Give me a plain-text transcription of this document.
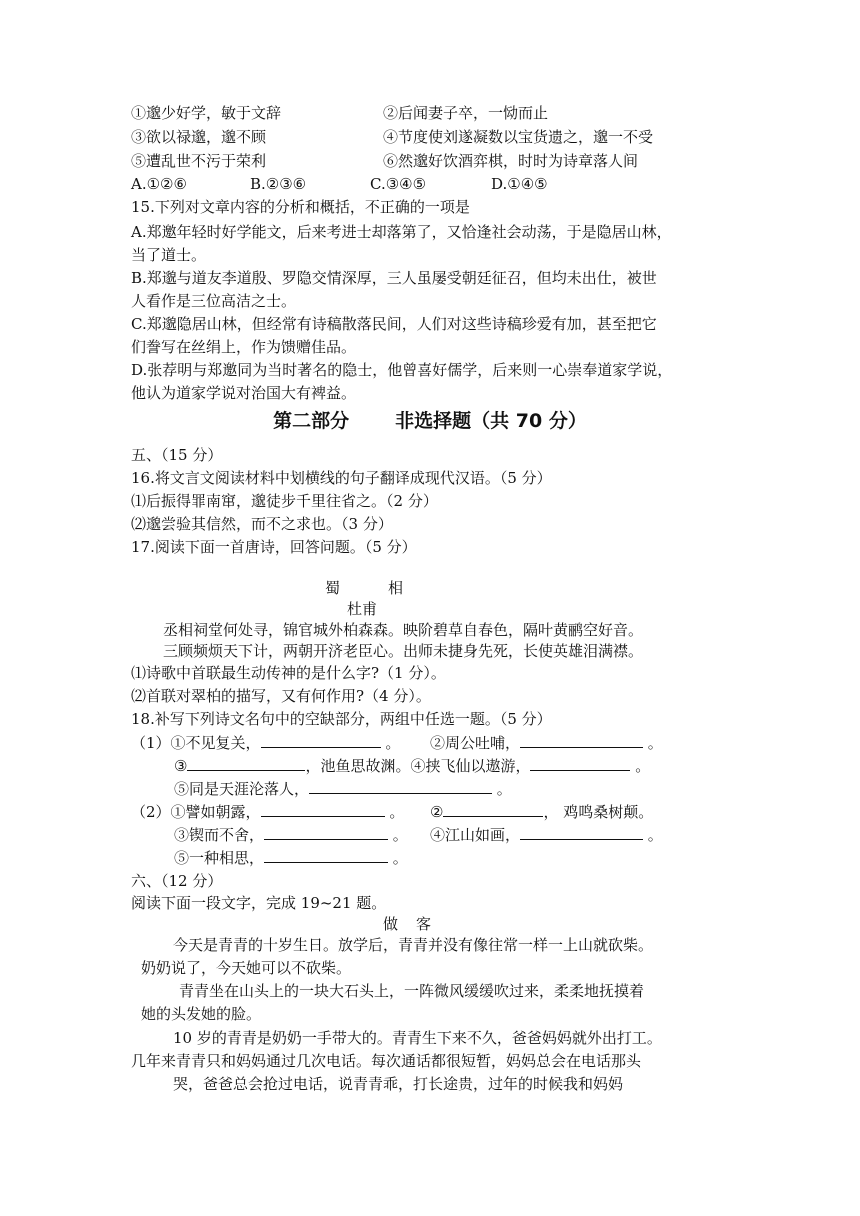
①邈少好学，敏于文辞	②后闻妻子卒，一恸而止
③欲以禄邈，邈不顾	④节度使刘遂凝数以宝货遗之，邈一不受
⑤遭乱世不污于荣利	⑥然邈好饮酒弈棋，时时为诗章落人间
A.①②⑥	B.②③⑥	C.③④⑤	D.①④⑤
15.下列对文章内容的分析和概括，不正确的一项是
A.郑邀年轻时好学能文，后来考进士却落第了，又恰逢社会动荡，于是隐居山林，
当了道士。
B.郑邈与道友李道殷、罗隐交情深厚，三人虽屡受朝廷征召，但均未出仕，被世
人看作是三位高洁之士。
C.郑邈隐居山林，但经常有诗稿散落民间，人们对这些诗稿珍爱有加，甚至把它
们誊写在丝绢上，作为馈赠佳品。
D.张荐明与郑邀同为当时著名的隐士，他曾喜好儒学，后来则一心崇奉道家学说，
他认为道家学说对治国大有裨益。
第二部分 非选择题（共 70 分）
五、（15 分）
16.将文言文阅读材料中划横线的句子翻译成现代汉语。（5 分）
⑴后振得罪南窜，邈徒步千里往省之。（2 分）
⑵邈尝验其信然，而不之求也。（3 分）
17.阅读下面一首唐诗，回答问题。（5 分）
蜀	相
杜甫
丞相祠堂何处寻，锦官城外柏森森。映阶碧草自春色，隔叶黄鹂空好音。
三顾频烦天下计，两朝开济老臣心。出师未捷身先死，长使英雄泪满襟。
⑴诗歌中首联最生动传神的是什么字?（1 分）。
⑵首联对翠柏的描写，又有何作用?（4 分）。
18.补写下列诗文名句中的空缺部分，两组中任选一题。（5 分）
（1）①不见复关，	。 ②周公吐哺，	。
③	，池鱼思故渊。④挟飞仙以遨游，	。
⑤同是天涯沦落人，	。
（2）①譬如朝露，	。 ②	， 鸡鸣桑树颠。
③锲而不舍，	。 ④江山如画，	。
⑤一种相思，	。
六、（12 分）
阅读下面一段文字，完成 19~21 题。
做 客
今天是青青的十岁生日。放学后，青青并没有像往常一样一上山就砍柴。
奶奶说了，今天她可以不砍柴。
青青坐在山头上的一块大石头上，一阵微风缓缓吹过来，柔柔地抚摸着
她的头发她的脸。
10 岁的青青是奶奶一手带大的。青青生下来不久，爸爸妈妈就外出打工。
几年来青青只和妈妈通过几次电话。每次通话都很短暂，妈妈总会在电话那头
哭，爸爸总会抢过电话，说青青乖，打长途贵，过年的时候我和妈妈
